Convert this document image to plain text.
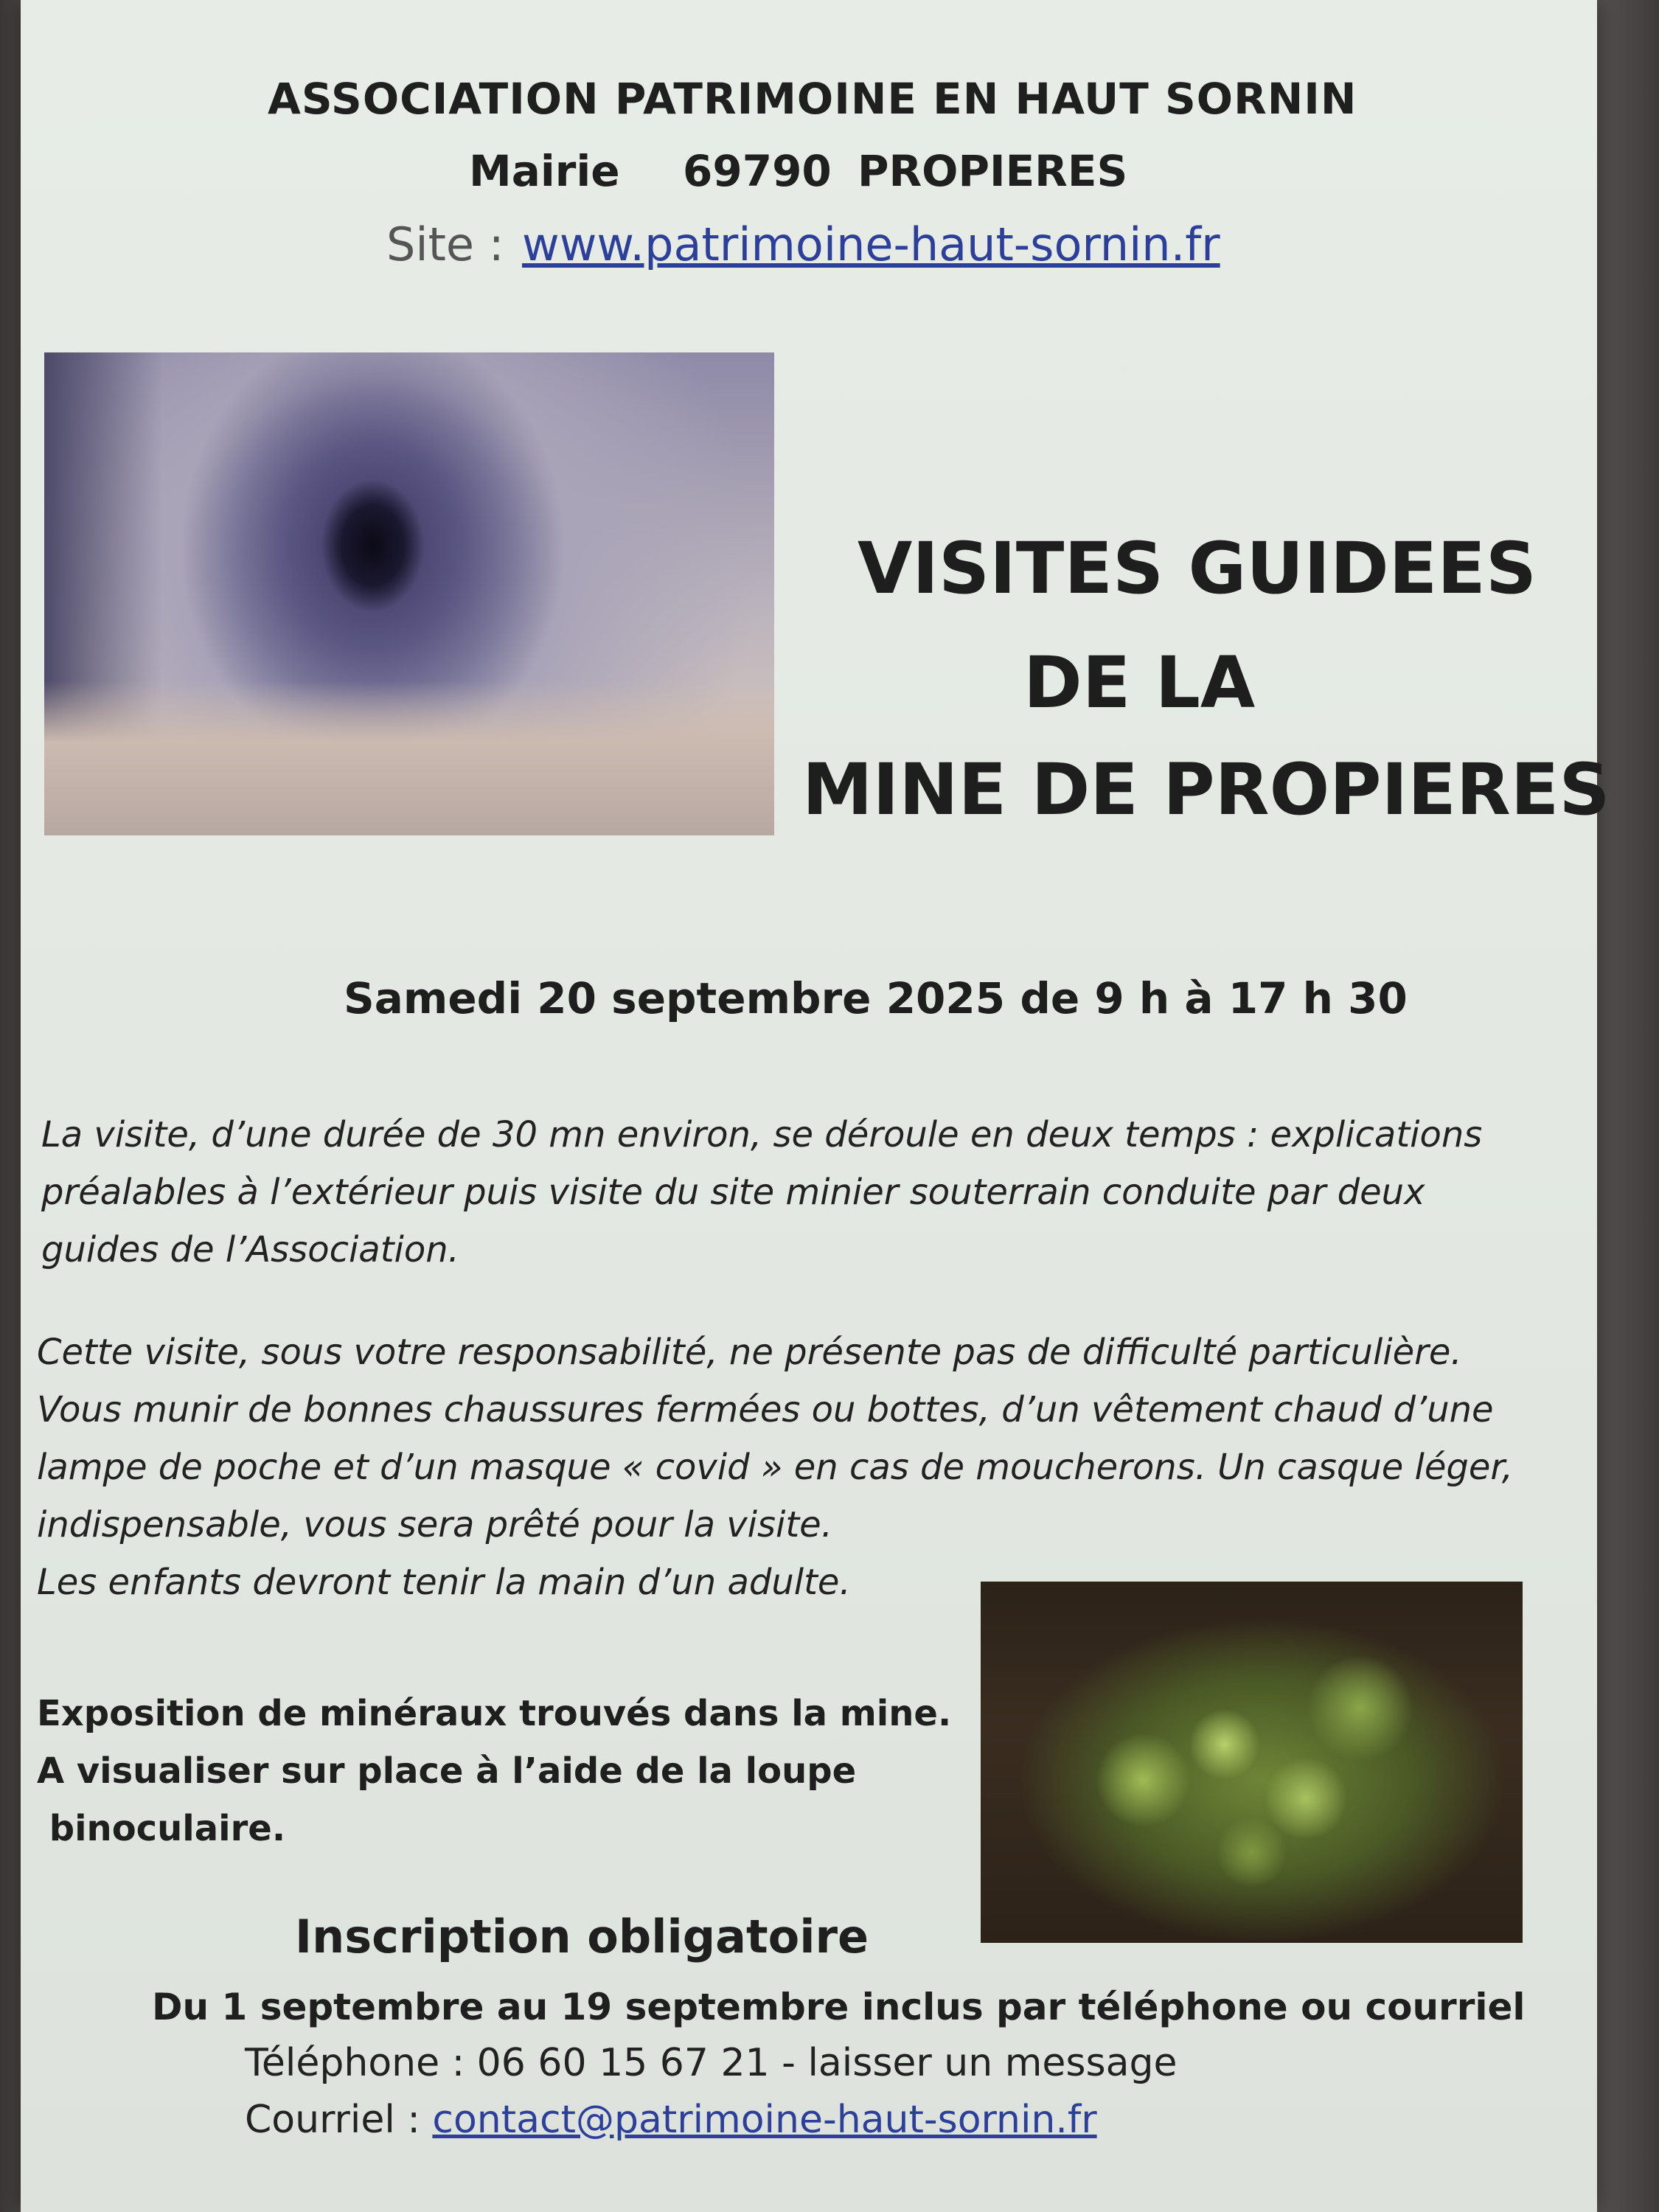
ASSOCIATION PATRIMOINE EN HAUT SORNIN
Mairie 69790 PROPIERES
Site : www.patrimoine-haut-sornin.fr
VISITES GUIDEES
DE LA
MINE DE PROPIERES
Samedi 20 septembre 2025 de 9 h à 17 h 30
La visite, d’une durée de 30 mn environ, se déroule en deux temps : explications
préalables à l’extérieur puis visite du site minier souterrain conduite par deux
guides de l’Association.
Cette visite, sous votre responsabilité, ne présente pas de difficulté particulière.
Vous munir de bonnes chaussures fermées ou bottes, d’un vêtement chaud d’une
lampe de poche et d’un masque « covid » en cas de moucherons. Un casque léger,
indispensable, vous sera prêté pour la visite.
Les enfants devront tenir la main d’un adulte.
Exposition de minéraux trouvés dans la mine.
A visualiser sur place à l’aide de la loupe
binoculaire.
Inscription obligatoire
Du 1 septembre au 19 septembre inclus par téléphone ou courriel
Téléphone : 06 60 15 67 21 - laisser un message
Courriel : contact@patrimoine-haut-sornin.fr
